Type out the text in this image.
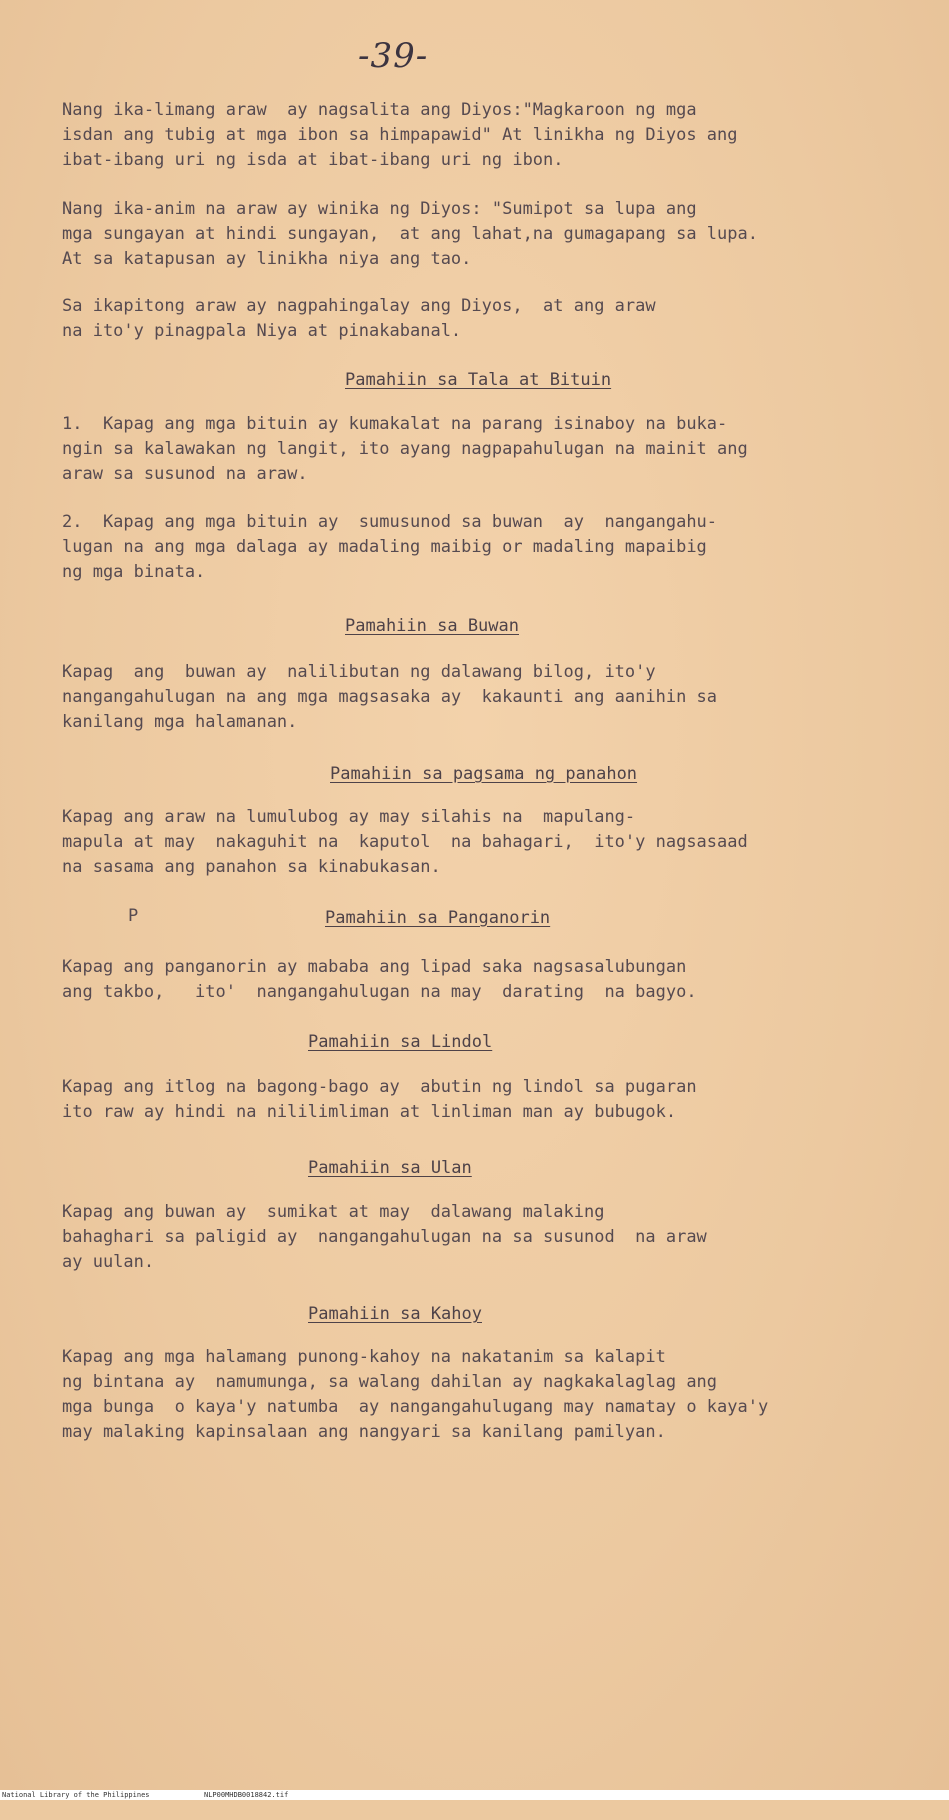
-39-

Nang ika-limang araw  ay nagsalita ang Diyos:"Magkaroon ng mga
isdan ang tubig at mga ibon sa himpapawid" At linikha ng Diyos ang
ibat-ibang uri ng isda at ibat-ibang uri ng ibon.

Nang ika-anim na araw ay winika ng Diyos: "Sumipot sa lupa ang
mga sungayan at hindi sungayan,  at ang lahat,na gumagapang sa lupa.
At sa katapusan ay linikha niya ang tao.

Sa ikapitong araw ay nagpahingalay ang Diyos,  at ang araw
na ito'y pinagpala Niya at pinakabanal.

Pamahiin sa Tala at Bituin

1.  Kapag ang mga bituin ay kumakalat na parang isinaboy na buka-
ngin sa kalawakan ng langit, ito ayang nagpapahulugan na mainit ang
araw sa susunod na araw.

2.  Kapag ang mga bituin ay  sumusunod sa buwan  ay  nangangahu-
lugan na ang mga dalaga ay madaling maibig or madaling mapaibig
ng mga binata.

Pamahiin sa Buwan

Kapag  ang  buwan ay  nalilibutan ng dalawang bilog, ito'y
nangangahulugan na ang mga magsasaka ay  kakaunti ang aanihin sa
kanilang mga halamanan.

Pamahiin sa pagsama ng panahon

Kapag ang araw na lumulubog ay may silahis na  mapulang-
mapula at may  nakaguhit na  kaputol  na bahagari,  ito'y nagsasaad
na sasama ang panahon sa kinabukasan.

P	Pamahiin sa Panganorin

Kapag ang panganorin ay mababa ang lipad saka nagsasalubungan
ang takbo,   ito'  nangangahulugan na may  darating  na bagyo.

Pamahiin sa Lindol

Kapag ang itlog na bagong-bago ay  abutin ng lindol sa pugaran
ito raw ay hindi na nililimliman at linliman man ay bubugok.

Pamahiin sa Ulan

Kapag ang buwan ay  sumikat at may  dalawang malaking
bahaghari sa paligid ay  nangangahulugan na sa susunod  na araw
ay uulan.

Pamahiin sa Kahoy

Kapag ang mga halamang punong-kahoy na nakatanim sa kalapit
ng bintana ay  namumunga, sa walang dahilan ay nagkakalaglag ang
mga bunga  o kaya'y natumba  ay nangangahulugang may namatay o kaya'y
may malaking kapinsalaan ang nangyari sa kanilang pamilyan.

National Library of the Philippines

	NLP00MHDB0018842.tif
